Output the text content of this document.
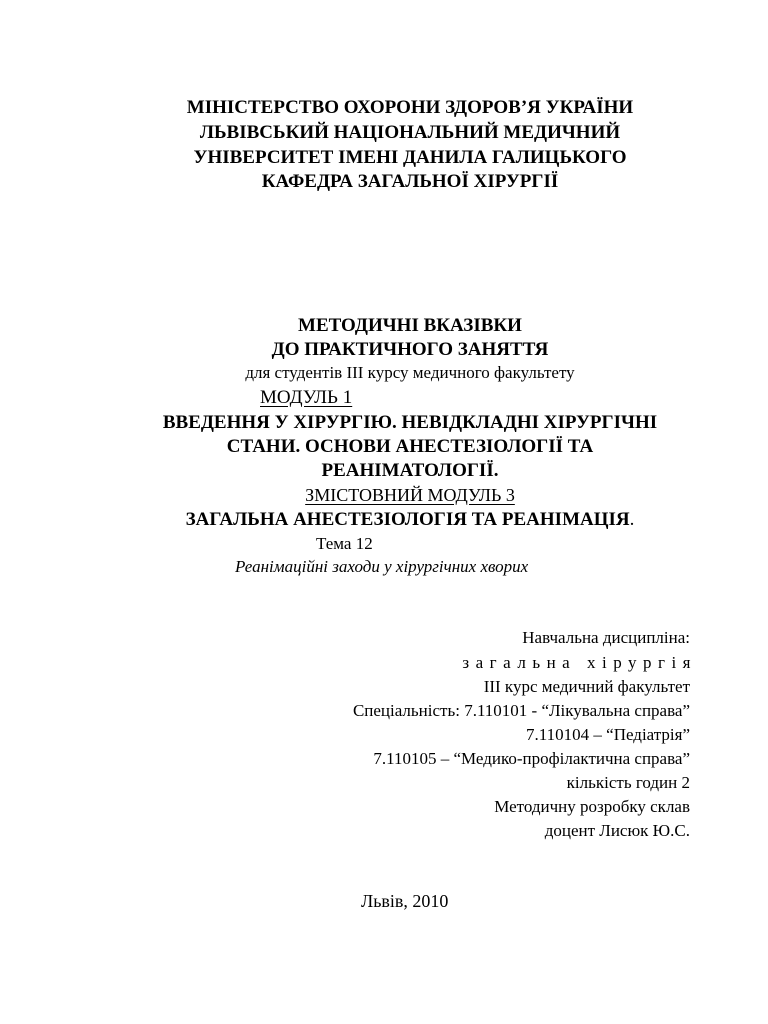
МІНІСТЕРСТВО ОХОРОНИ ЗДОРОВ’Я УКРАЇНИ
ЛЬВІВСЬКИЙ НАЦІОНАЛЬНИЙ МЕДИЧНИЙ
УНІВЕРСИТЕТ ІМЕНІ ДАНИЛА ГАЛИЦЬКОГО
КАФЕДРА ЗАГАЛЬНОЇ ХІРУРГІЇ
МЕТОДИЧНІ ВКАЗІВКИ
ДО ПРАКТИЧНОГО ЗАНЯТТЯ
для студентів ІІІ курсу медичного факультету
МОДУЛЬ 1
ВВЕДЕННЯ У ХІРУРГІЮ. НЕВІДКЛАДНІ ХІРУРГІЧНІ
СТАНИ. ОСНОВИ АНЕСТЕЗІОЛОГІЇ ТА
РЕАНІМАТОЛОГІЇ.
ЗМІСТОВНИЙ МОДУЛЬ 3
ЗАГАЛЬНА АНЕСТЕЗІОЛОГІЯ ТА РЕАНІМАЦІЯ.
Тема 12
Реанімаційні заходи у хірургічних хворих
Навчальна дисципліна:
загальна хірургія
ІІІ курс медичний факультет
Спеціальність: 7.110101 - “Лікувальна справа”
7.110104 – “Педіатрія”
7.110105 – “Медико-профілактична справа”
кількість годин 2
Методичну розробку склав
доцент Лисюк Ю.С.
Львів, 2010
